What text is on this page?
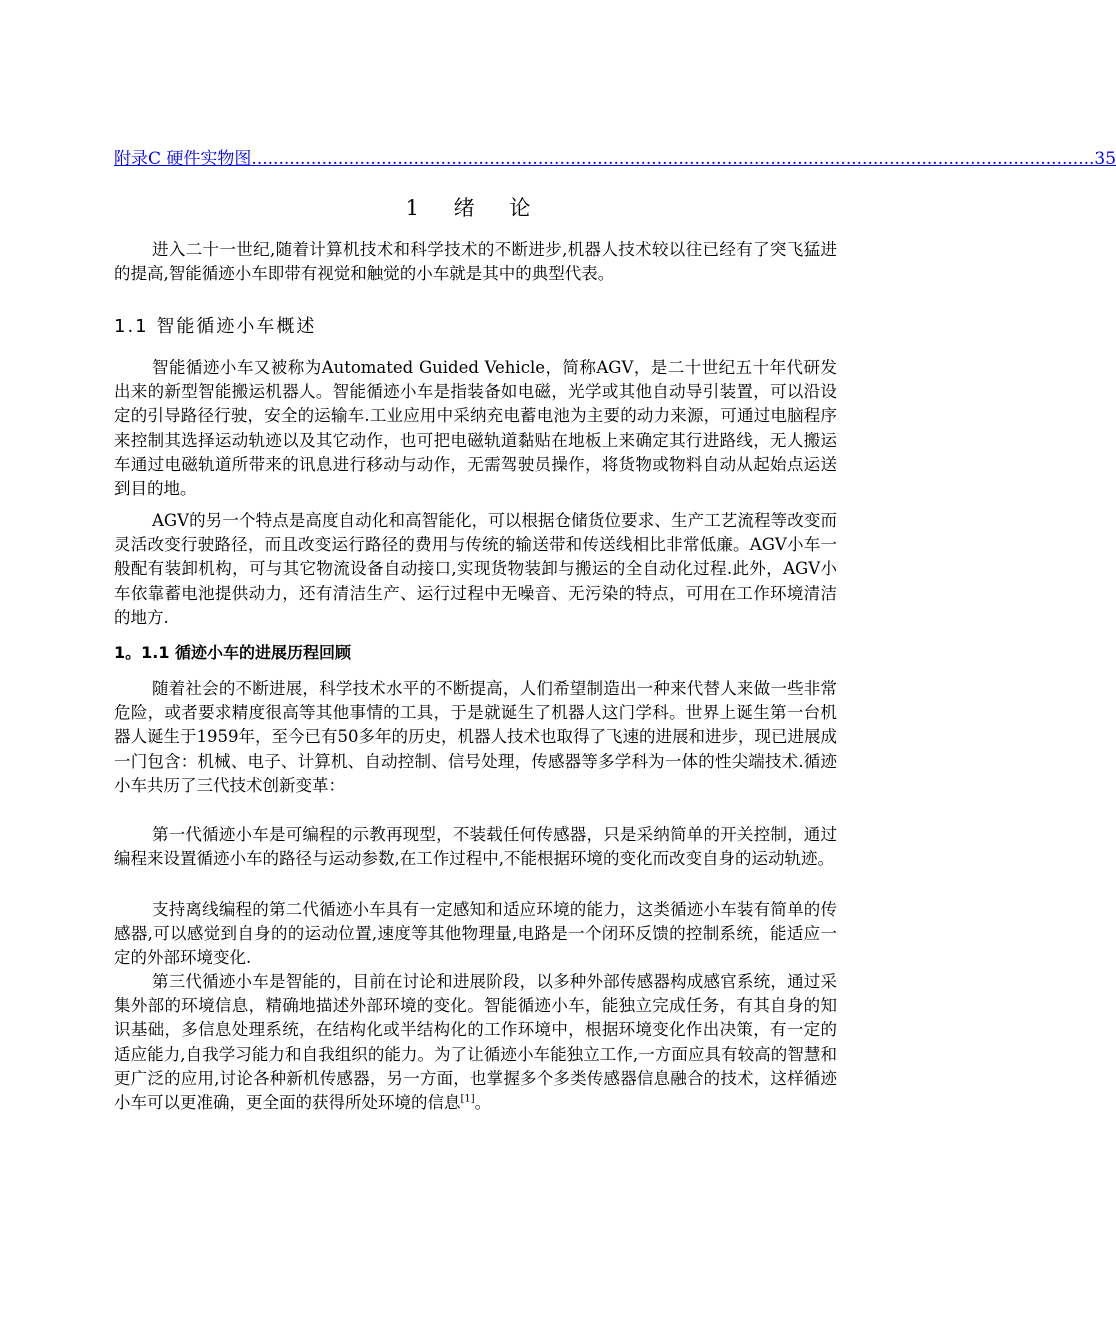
附录C 硬件实物图 ............................................................................................................................................................ 35
1 绪 论

进入二十一世纪,随着计算机技术和科学技术的不断进步,机器人技术较以往已经有了突飞猛进的提高,智能循迹小车即带有视觉和触觉的小车就是其中的典型代表。

1.1 智能循迹小车概述

智能循迹小车又被称为Automated Guided Vehicle，简称AGV，是二十世纪五十年代研发出来的新型智能搬运机器人。智能循迹小车是指装备如电磁，光学或其他自动导引装置，可以沿设定的引导路径行驶，安全的运输车.工业应用中采纳充电蓄电池为主要的动力来源，可通过电脑程序来控制其选择运动轨迹以及其它动作，也可把电磁轨道黏贴在地板上来确定其行进路线，无人搬运车通过电磁轨道所带来的讯息进行移动与动作，无需驾驶员操作，将货物或物料自动从起始点运送到目的地。

AGV的另一个特点是高度自动化和高智能化，可以根据仓储货位要求、生产工艺流程等改变而灵活改变行驶路径，而且改变运行路径的费用与传统的输送带和传送线相比非常低廉。AGV小车一般配有装卸机构，可与其它物流设备自动接口,实现货物装卸与搬运的全自动化过程.此外，AGV小车依靠蓄电池提供动力，还有清洁生产、运行过程中无噪音、无污染的特点，可用在工作环境清洁的地方.

1。1.1 循迹小车的进展历程回顾

随着社会的不断进展，科学技术水平的不断提高，人们希望制造出一种来代替人来做一些非常危险，或者要求精度很高等其他事情的工具，于是就诞生了机器人这门学科。世界上诞生第一台机器人诞生于1959年，至今已有50多年的历史，机器人技术也取得了飞速的进展和进步，现已进展成一门包含：机械、电子、计算机、自动控制、信号处理，传感器等多学科为一体的性尖端技术.循迹小车共历了三代技术创新变革：

第一代循迹小车是可编程的示教再现型，不装载任何传感器，只是采纳简单的开关控制，通过编程来设置循迹小车的路径与运动参数,在工作过程中,不能根据环境的变化而改变自身的运动轨迹。

支持离线编程的第二代循迹小车具有一定感知和适应环境的能力，这类循迹小车装有简单的传感器,可以感觉到自身的的运动位置,速度等其他物理量,电路是一个闭环反馈的控制系统，能适应一定的外部环境变化.

第三代循迹小车是智能的，目前在讨论和进展阶段，以多种外部传感器构成感官系统，通过采集外部的环境信息，精确地描述外部环境的变化。智能循迹小车，能独立完成任务，有其自身的知识基础，多信息处理系统，在结构化或半结构化的工作环境中，根据环境变化作出决策，有一定的适应能力,自我学习能力和自我组织的能力。为了让循迹小车能独立工作,一方面应具有较高的智慧和更广泛的应用,讨论各种新机传感器，另一方面，也掌握多个多类传感器信息融合的技术，这样循迹小车可以更准确，更全面的获得所处环境的信息[1]。
